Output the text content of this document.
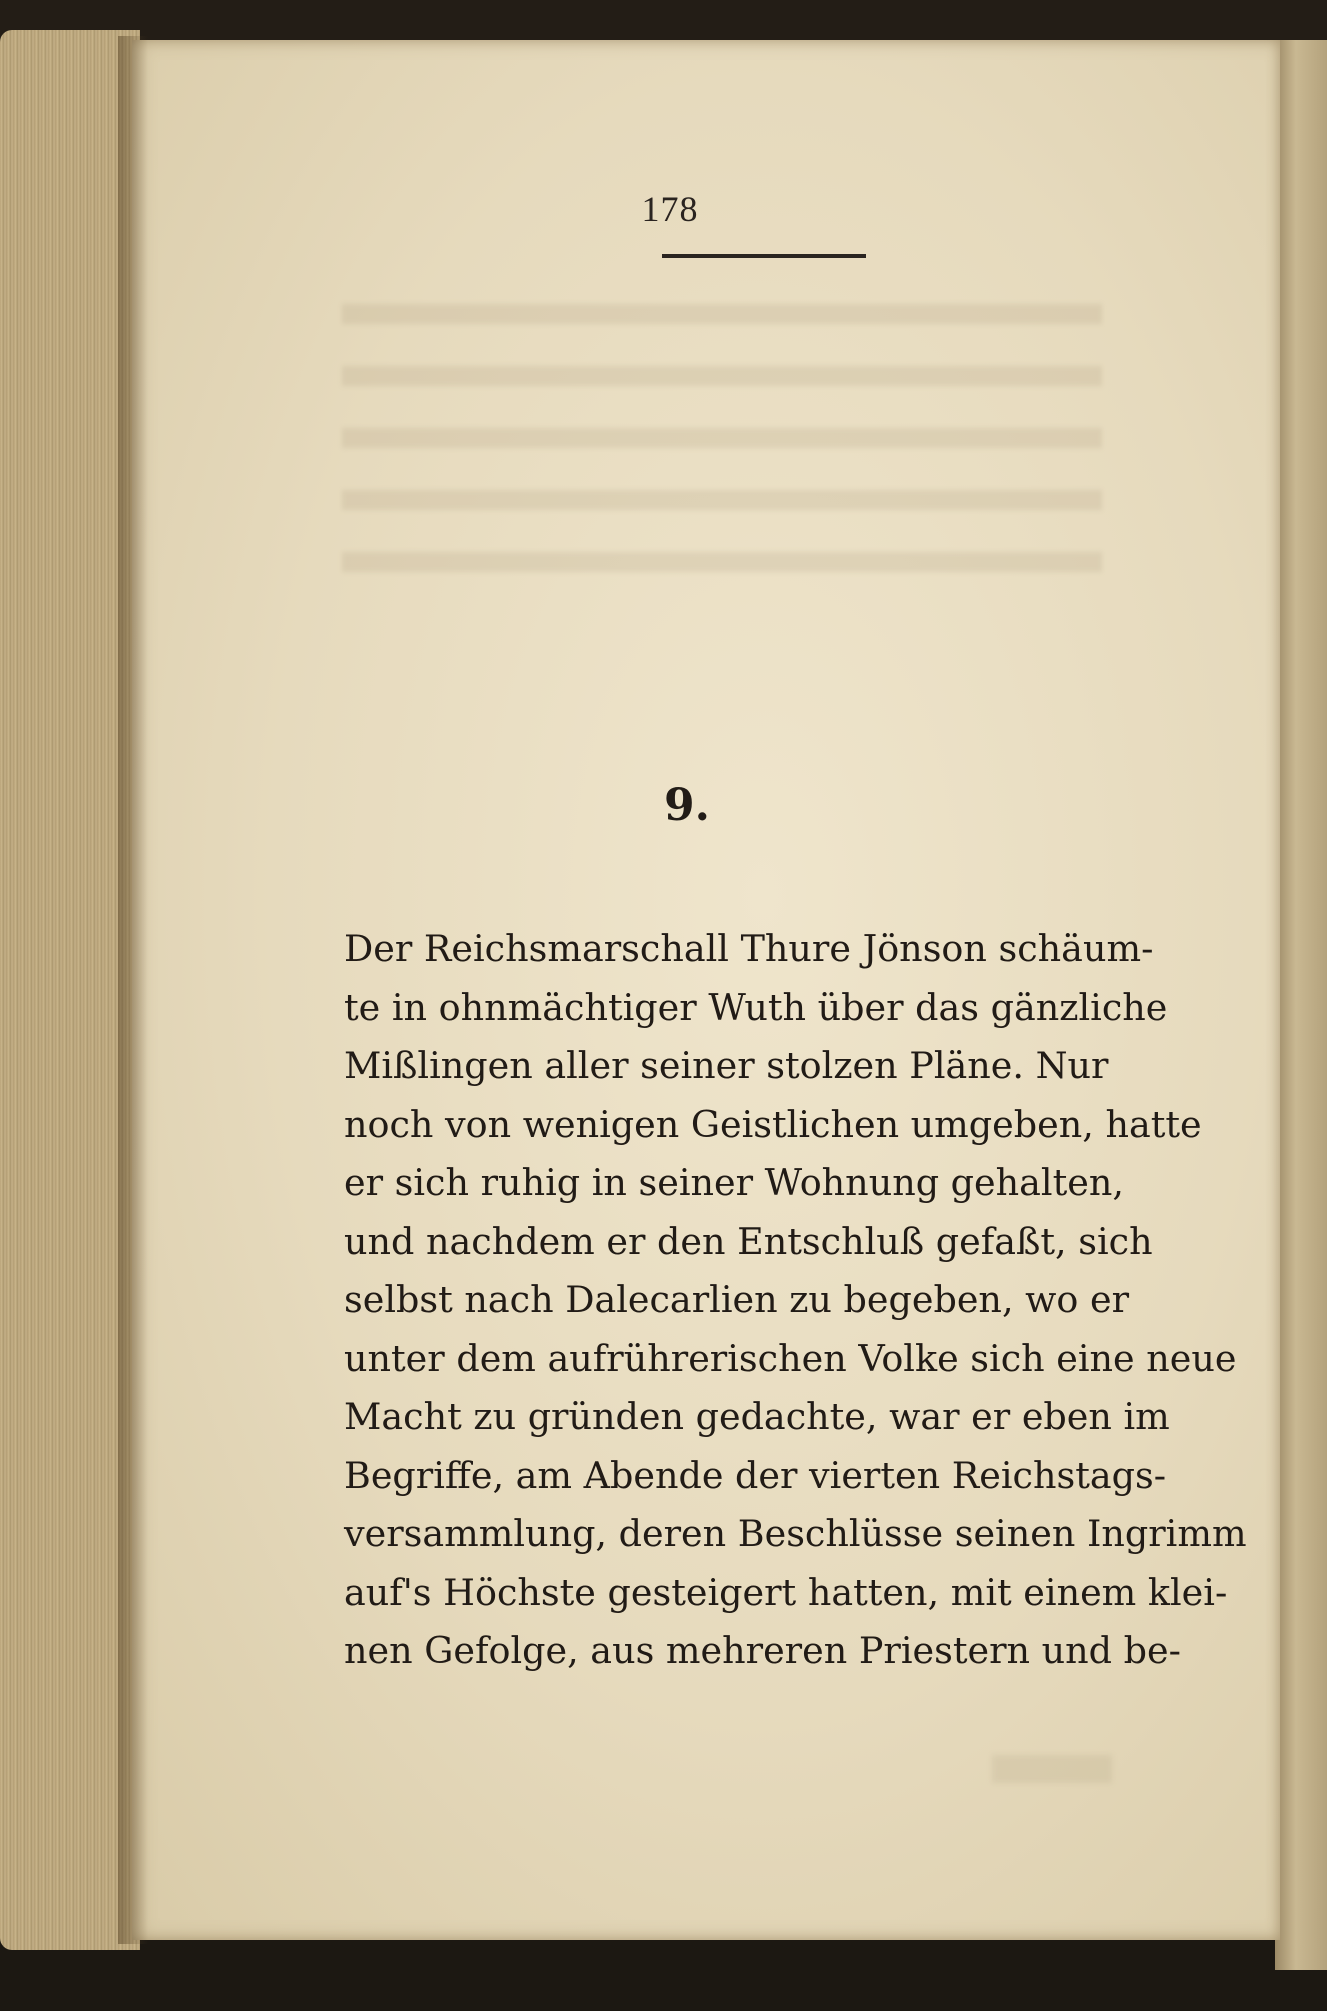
178
9.
Der Reichsmarschall Thure Jönson schäum-
te in ohnmächtiger Wuth über das gänzliche
Mißlingen aller seiner stolzen Pläne. Nur
noch von wenigen Geistlichen umgeben, hatte
er sich ruhig in seiner Wohnung gehalten,
und nachdem er den Entschluß gefaßt, sich
selbst nach Dalecarlien zu begeben, wo er
unter dem aufrührerischen Volke sich eine neue
Macht zu gründen gedachte, war er eben im
Begriffe, am Abende der vierten Reichstags-
versammlung, deren Beschlüsse seinen Ingrimm
auf's Höchste gesteigert hatten, mit einem klei-
nen Gefolge, aus mehreren Priestern und be-
